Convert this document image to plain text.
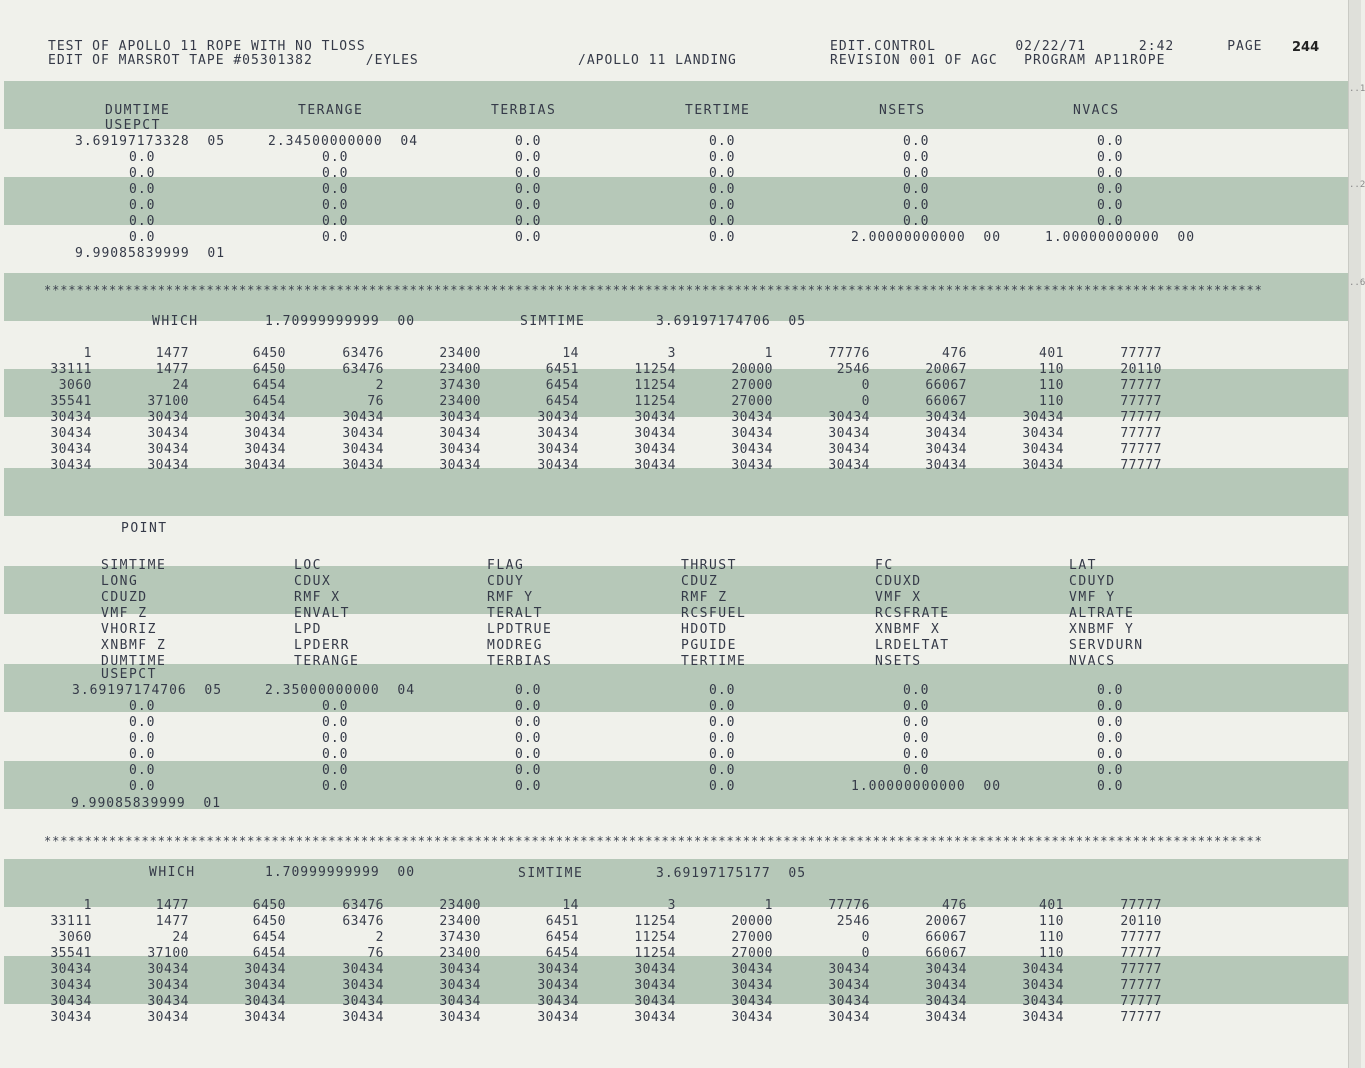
TEST OF APOLLO 11 ROPE WITH NO TLOSS
EDIT OF MARSROT TAPE #05301382      /EYLES	/APOLLO 11 LANDING
EDIT.CONTROL         02/22/71      2:42      PAGE
REVISION 001 OF AGC   PROGRAM AP11ROPE
244
DUMTIME	TERANGE	TERBIAS	TERTIME	NSETS	NVACS
USEPCT
3.69197173328  05	2.34500000000  04	0.0	0.0	0.0	0.0
0.0	0.0	0.0	0.0	0.0	0.0
0.0	0.0	0.0	0.0	0.0	0.0
0.0	0.0	0.0	0.0	0.0	0.0
0.0	0.0	0.0	0.0	0.0	0.0
0.0	0.0	0.0	0.0	0.0	0.0
0.0	0.0	0.0	0.0	2.00000000000  00	1.00000000000  00
9.99085839999  01
******************************************************************************************************************************************************
WHICH	1.70999999999  00	SIMTIME	3.69197174706  05
1	1477	6450	63476	23400	14	3	1	77776	476	401	77777
33111	1477	6450	63476	23400	6451	11254	20000	2546	20067	110	20110
3060	24	6454	2	37430	6454	11254	27000	0	66067	110	77777
35541	37100	6454	76	23400	6454	11254	27000	0	66067	110	77777
30434	30434	30434	30434	30434	30434	30434	30434	30434	30434	30434	77777
30434	30434	30434	30434	30434	30434	30434	30434	30434	30434	30434	77777
30434	30434	30434	30434	30434	30434	30434	30434	30434	30434	30434	77777
30434	30434	30434	30434	30434	30434	30434	30434	30434	30434	30434	77777
POINT
SIMTIME	LOC	FLAG	THRUST	FC	LAT
LONG	CDUX	CDUY	CDUZ	CDUXD	CDUYD
CDUZD	RMF X	RMF Y	RMF Z	VMF X	VMF Y
VMF Z	ENVALT	TERALT	RCSFUEL	RCSFRATE	ALTRATE
VHORIZ	LPD	LPDTRUE	HDOTD	XNBMF X	XNBMF Y
XNBMF Z	LPDERR	MODREG	PGUIDE	LRDELTAT	SERVDURN
DUMTIME	TERANGE	TERBIAS	TERTIME	NSETS	NVACS
USEPCT
3.69197174706  05	2.35000000000  04	0.0	0.0	0.0	0.0
0.0	0.0	0.0	0.0	0.0	0.0
0.0	0.0	0.0	0.0	0.0	0.0
0.0	0.0	0.0	0.0	0.0	0.0
0.0	0.0	0.0	0.0	0.0	0.0
0.0	0.0	0.0	0.0	0.0	0.0
0.0	0.0	0.0	0.0	1.00000000000  00	0.0
9.99085839999  01
******************************************************************************************************************************************************
WHICH	1.70999999999  00	SIMTIME	3.69197175177  05
1	1477	6450	63476	23400	14	3	1	77776	476	401	77777
33111	1477	6450	63476	23400	6451	11254	20000	2546	20067	110	20110
3060	24	6454	2	37430	6454	11254	27000	0	66067	110	77777
35541	37100	6454	76	23400	6454	11254	27000	0	66067	110	77777
30434	30434	30434	30434	30434	30434	30434	30434	30434	30434	30434	77777
30434	30434	30434	30434	30434	30434	30434	30434	30434	30434	30434	77777
30434	30434	30434	30434	30434	30434	30434	30434	30434	30434	30434	77777
30434	30434	30434	30434	30434	30434	30434	30434	30434	30434	30434	77777
..1
..2
..6
